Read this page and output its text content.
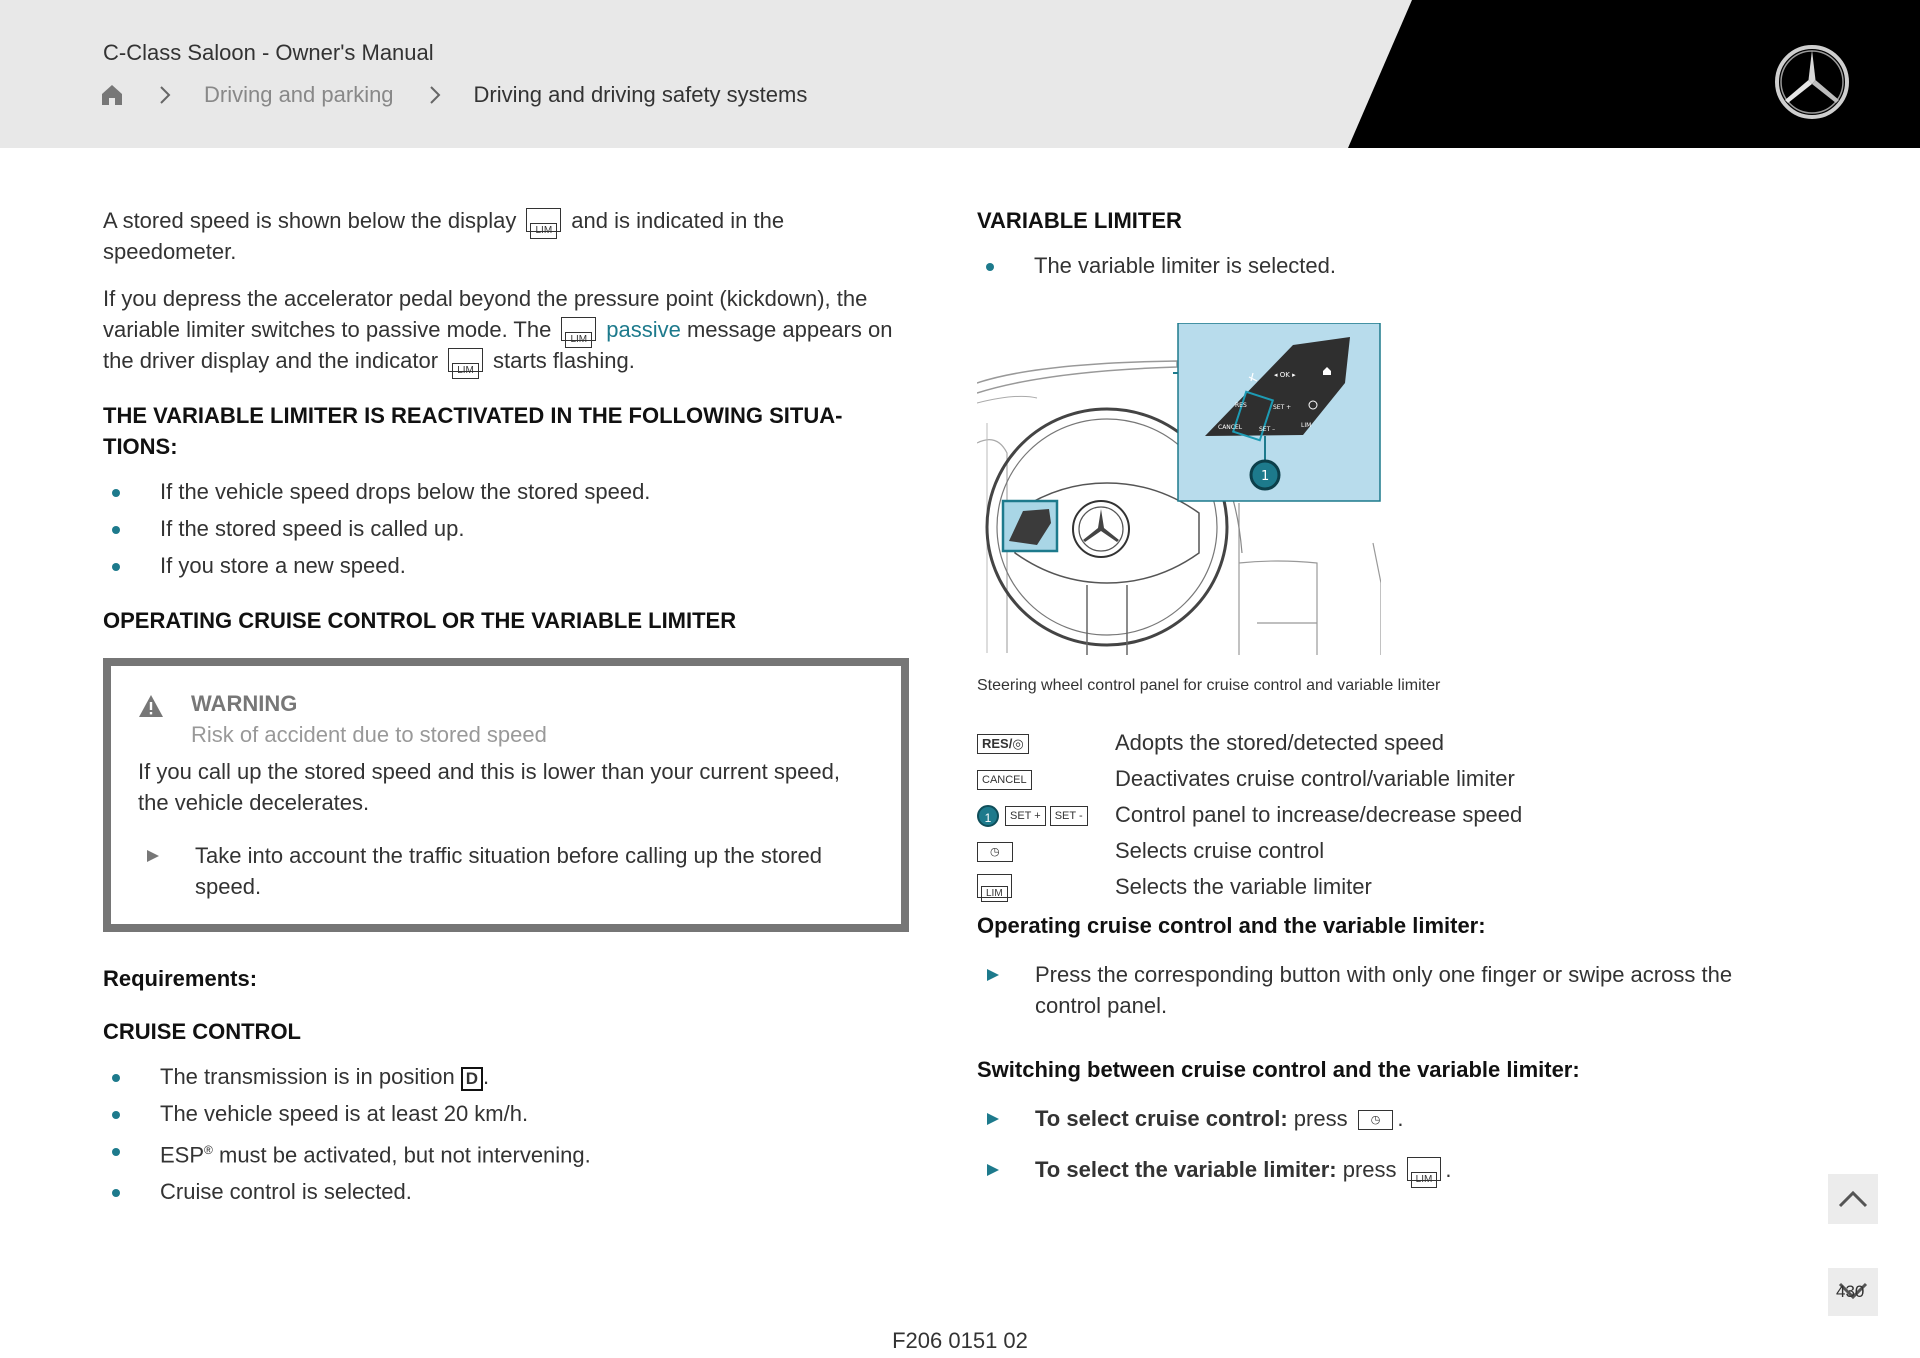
C-Class Saloon - Owner's Manual
Driving and parking	Driving and driving safety systems

A stored speed is shown below the display LIM and is indicated in the speedometer.

If you depress the accelerator pedal beyond the pressure point (kickdown), the variable limiter switches to passive mode. The LIM passive message appears on the driver display and the indicator LIM starts flashing.

THE VARIABLE LIMITER IS REACTIVATED IN THE FOLLOWING SITUA-TIONS:
If the vehicle speed drops below the stored speed.
If the stored speed is called up.
If you store a new speed.
OPERATING CRUISE CONTROL OR THE VARIABLE LIMITER
WARNING
Risk of accident due to stored speed
If you call up the stored speed and this is lower than your current speed, the vehicle decelerates.
Take into account the traffic situation before calling up the stored speed.
Requirements:
CRUISE CONTROL
The transmission is in position D .
The vehicle speed is at least 20 km/h.
ESP® must be activated, but not intervening.
Cruise control is selected.
VARIABLE LIMITER
The variable limiter is selected.
◂ OK ▸
RES	SET +
SET –
CANCEL	LIM
1
Steering wheel control panel for cruise control and variable limiter
RES/◎	Adopts the stored/detected speed
CANCEL	Deactivates cruise control/variable limiter
1 SET + SET -	Control panel to increase/decrease speed
◷	Selects cruise control
LIM	Selects the variable limiter
Operating cruise control and the variable limiter:
Press the corresponding button with only one finger or swipe across the control panel.
Switching between cruise control and the variable limiter:
To select cruise control: press ◷ .
To select the variable limiter: press LIM .
430
F206 0151 02
